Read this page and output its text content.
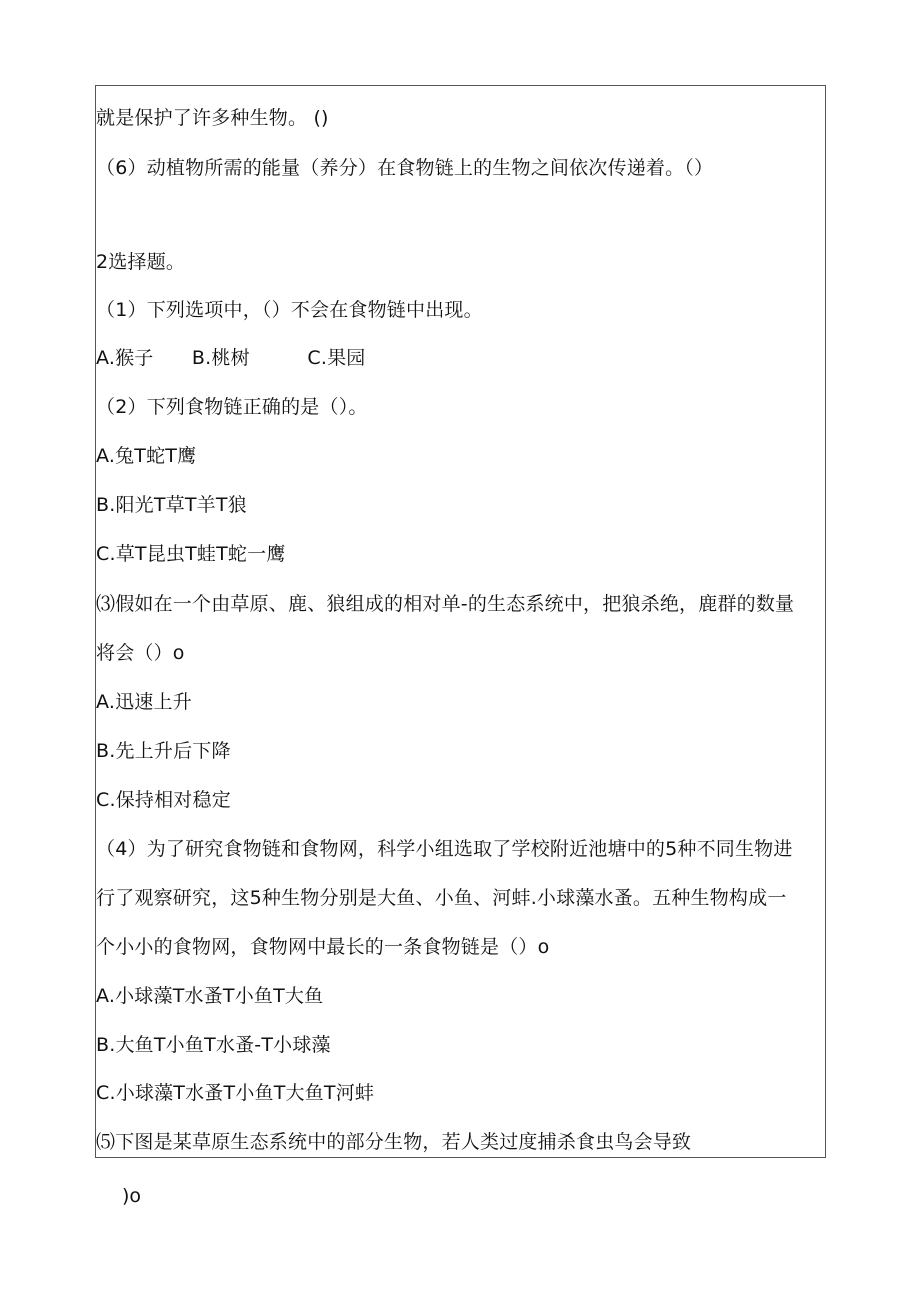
就是保护了许多种生物。 ()
（6）动植物所需的能量（养分）在食物链上的生物之间依次传递着。（）
2选择题。
（1）下列选项中，（）不会在食物链中出现。
A.猴子　　B.桃树　　　C.果园
（2）下列食物链正确的是（）。
A.兔T蛇T鹰
B.阳光T草T羊T狼
C.草T昆虫T蛙T蛇一鹰
⑶假如在一个由草原、鹿、狼组成的相对单-的生态系统中，把狼杀绝，鹿群的数量
将会（）o
A.迅速上升
B.先上升后下降
C.保持相对稳定
（4）为了研究食物链和食物网，科学小组选取了学校附近池塘中的5种不同生物进
行了观察研究，这5种生物分别是大鱼、小鱼、河蚌.小球藻水蚤。五种生物构成一
个小小的食物网，食物网中最长的一条食物链是（）o
A.小球藻T水蚤T小鱼T大鱼
B.大鱼T小鱼T水蚤-T小球藻
C.小球藻T水蚤T小鱼T大鱼T河蚌
⑸下图是某草原生态系统中的部分生物，若人类过度捕杀食虫鸟会导致
)o
